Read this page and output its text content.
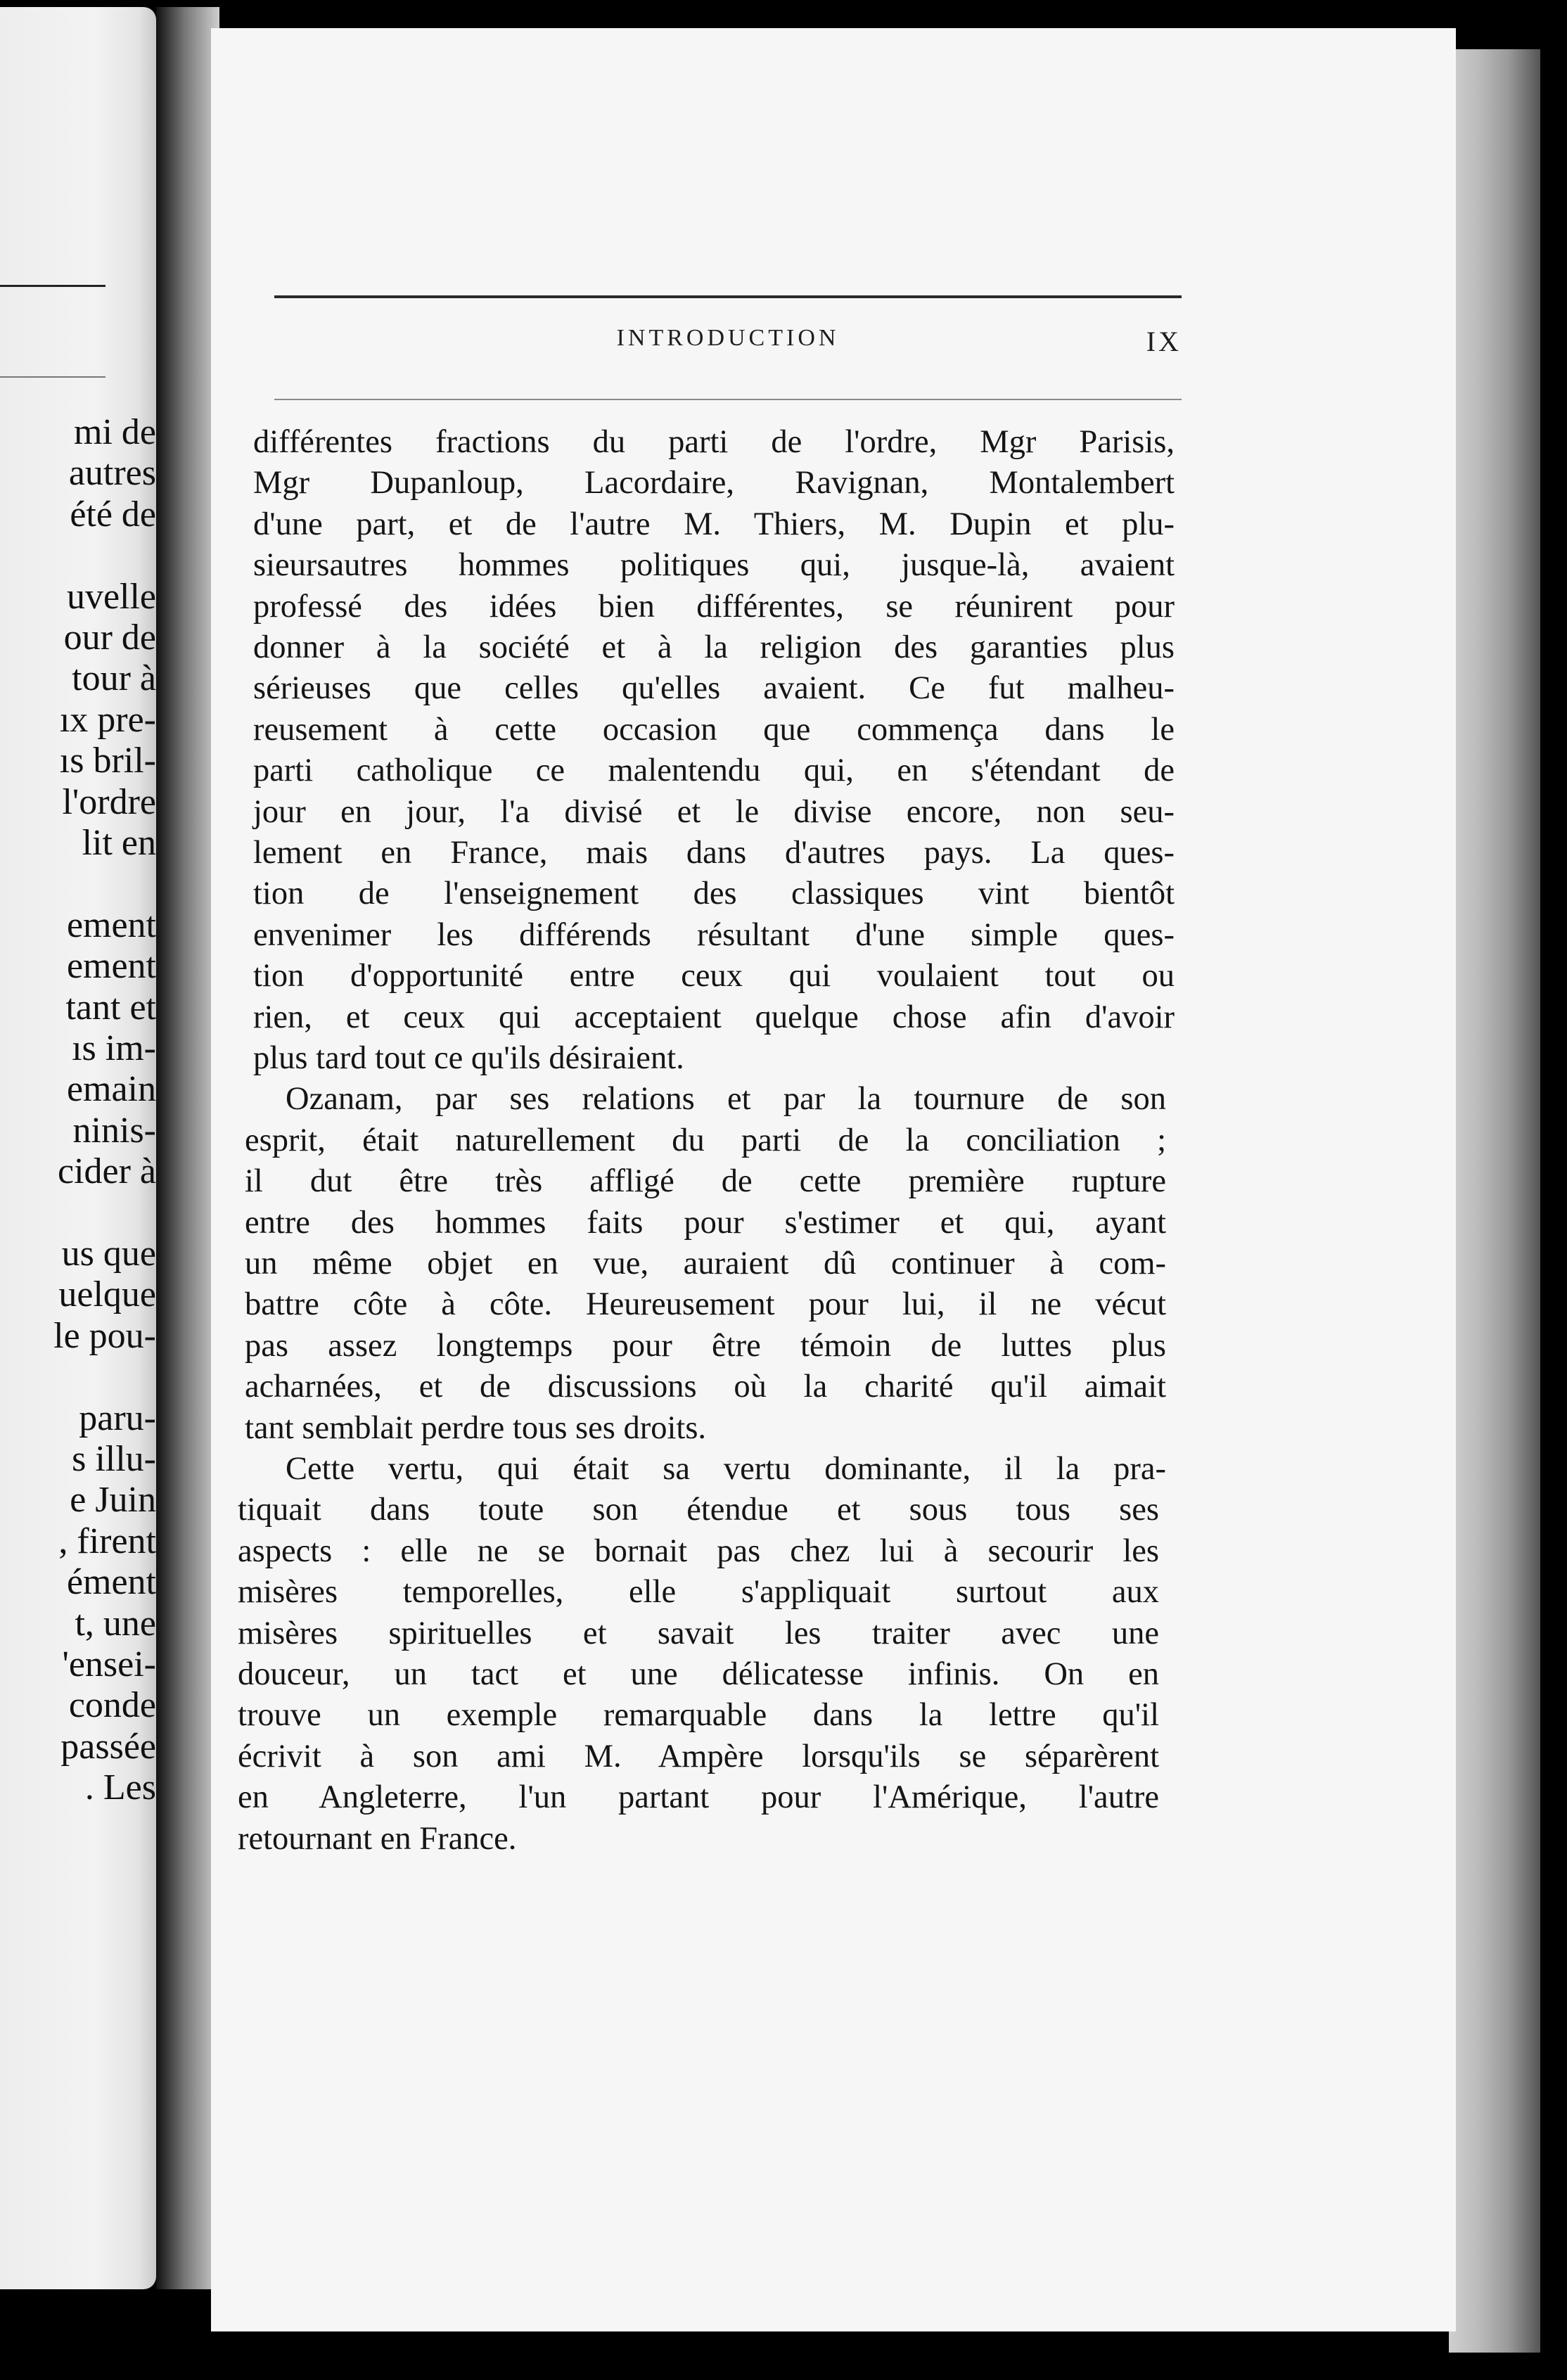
mi de
autres
été de
uvelle
our de
tour à
ıx pre-
ıs bril-
l'ordre
lit en
ement
ement
tant et
ıs im-
emain
ninis-
cider à
us que
uelque
le pou-
paru-
s illu-
e Juin
, firent
ément
t, une
'ensei-
conde
passée
. Les
INTRODUCTION	IX
différentes fractions du parti de l'ordre, Mgr Parisis,
Mgr Dupanloup, Lacordaire, Ravignan, Montalembert
d'une part, et de l'autre M. Thiers, M. Dupin et plu-
sieursautres hommes politiques qui, jusque-là, avaient
professé des idées bien différentes, se réunirent pour
donner à la société et à la religion des garanties plus
sérieuses que celles qu'elles avaient. Ce fut malheu-
reusement à cette occasion que commença dans le
parti catholique ce malentendu qui, en s'étendant de
jour en jour, l'a divisé et le divise encore, non seu-
lement en France, mais dans d'autres pays. La ques-
tion de l'enseignement des classiques vint bientôt
envenimer les différends résultant d'une simple ques-
tion d'opportunité entre ceux qui voulaient tout ou
rien, et ceux qui acceptaient quelque chose afin d'avoir
plus tard tout ce qu'ils désiraient.
Ozanam, par ses relations et par la tournure de son
esprit, était naturellement du parti de la conciliation ;
il dut être très affligé de cette première rupture
entre des hommes faits pour s'estimer et qui, ayant
un même objet en vue, auraient dû continuer à com-
battre côte à côte. Heureusement pour lui, il ne vécut
pas assez longtemps pour être témoin de luttes plus
acharnées, et de discussions où la charité qu'il aimait
tant semblait perdre tous ses droits.
Cette vertu, qui était sa vertu dominante, il la pra-
tiquait dans toute son étendue et sous tous ses
aspects : elle ne se bornait pas chez lui à secourir les
misères temporelles, elle s'appliquait surtout aux
misères spirituelles et savait les traiter avec une
douceur, un tact et une délicatesse infinis. On en
trouve un exemple remarquable dans la lettre qu'il
écrivit à son ami M. Ampère lorsqu'ils se séparèrent
en Angleterre, l'un partant pour l'Amérique, l'autre
retournant en France.
